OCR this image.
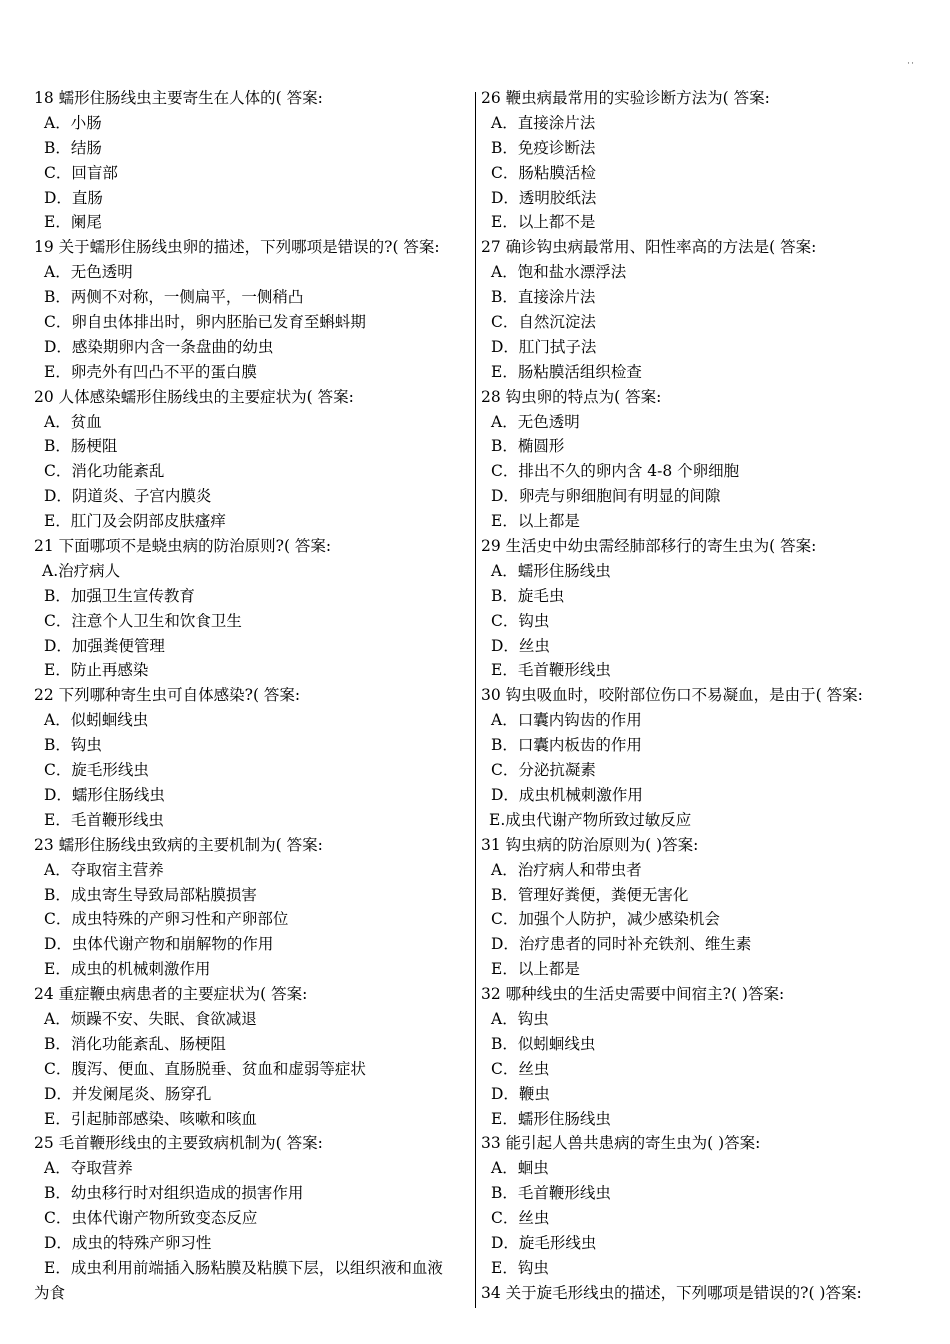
˙˙
18 蠕形住肠线虫主要寄生在人体的( 答案:
A．小肠
B．结肠
C．回盲部
D．直肠
E．阑尾
19 关于蠕形住肠线虫卵的描述，下列哪项是错误的?( 答案:
A．无色透明
B．两侧不对称，一侧扁平，一侧稍凸
C．卵自虫体排出时，卵内胚胎已发育至蝌蚪期
D．感染期卵内含一条盘曲的幼虫
E．卵壳外有凹凸不平的蛋白膜
20 人体感染蠕形住肠线虫的主要症状为( 答案:
A．贫血
B．肠梗阻
C．消化功能紊乱
D．阴道炎、子宫内膜炎
E．肛门及会阴部皮肤瘙痒
21 下面哪项不是蛲虫病的防治原则?( 答案:
A.治疗病人
B．加强卫生宣传教育
C．注意个人卫生和饮食卫生
D．加强粪便管理
E．防止再感染
22 下列哪种寄生虫可自体感染?( 答案:
A．似蚓蛔线虫
B．钩虫
C．旋毛形线虫
D．蠕形住肠线虫
E．毛首鞭形线虫
23 蠕形住肠线虫致病的主要机制为( 答案:
A．夺取宿主营养
B．成虫寄生导致局部粘膜损害
C．成虫特殊的产卵习性和产卵部位
D．虫体代谢产物和崩解物的作用
E．成虫的机械刺激作用
24 重症鞭虫病患者的主要症状为( 答案:
A．烦躁不安、失眠、食欲减退
B．消化功能紊乱、肠梗阻
C．腹泻、便血、直肠脱垂、贫血和虚弱等症状
D．并发阑尾炎、肠穿孔
E．引起肺部感染、咳嗽和咳血
25 毛首鞭形线虫的主要致病机制为( 答案:
A．夺取营养
B．幼虫移行时对组织造成的损害作用
C．虫体代谢产物所致变态反应
D．成虫的特殊产卵习性
E．成虫利用前端插入肠粘膜及粘膜下层，以组织液和血液
为食
26 鞭虫病最常用的实验诊断方法为( 答案:
A．直接涂片法
B．免疫诊断法
C．肠粘膜活检
D．透明胶纸法
E．以上都不是
27 确诊钩虫病最常用、阳性率高的方法是( 答案:
A．饱和盐水漂浮法
B．直接涂片法
C．自然沉淀法
D．肛门拭子法
E．肠粘膜活组织检查
28 钩虫卵的特点为( 答案:
A．无色透明
B．椭圆形
C．排出不久的卵内含 4-8 个卵细胞
D．卵壳与卵细胞间有明显的间隙
E．以上都是
29 生活史中幼虫需经肺部移行的寄生虫为( 答案:
A．蠕形住肠线虫
B．旋毛虫
C．钩虫
D．丝虫
E．毛首鞭形线虫
30 钩虫吸血时，咬附部位伤口不易凝血，是由于( 答案:
A．口囊内钩齿的作用
B．口囊内板齿的作用
C．分泌抗凝素
D．成虫机械刺激作用
E.成虫代谢产物所致过敏反应
31 钩虫病的防治原则为( )答案:
A．治疗病人和带虫者
B．管理好粪便，粪便无害化
C．加强个人防护，减少感染机会
D．治疗患者的同时补充铁剂、维生素
E．以上都是
32 哪种线虫的生活史需要中间宿主?( )答案:
A．钩虫
B．似蚓蛔线虫
C．丝虫
D．鞭虫
E．蠕形住肠线虫
33 能引起人兽共患病的寄生虫为( )答案:
A．蛔虫
B．毛首鞭形线虫
C．丝虫
D．旋毛形线虫
E．钩虫
34 关于旋毛形线虫的描述，下列哪项是错误的?( )答案:
